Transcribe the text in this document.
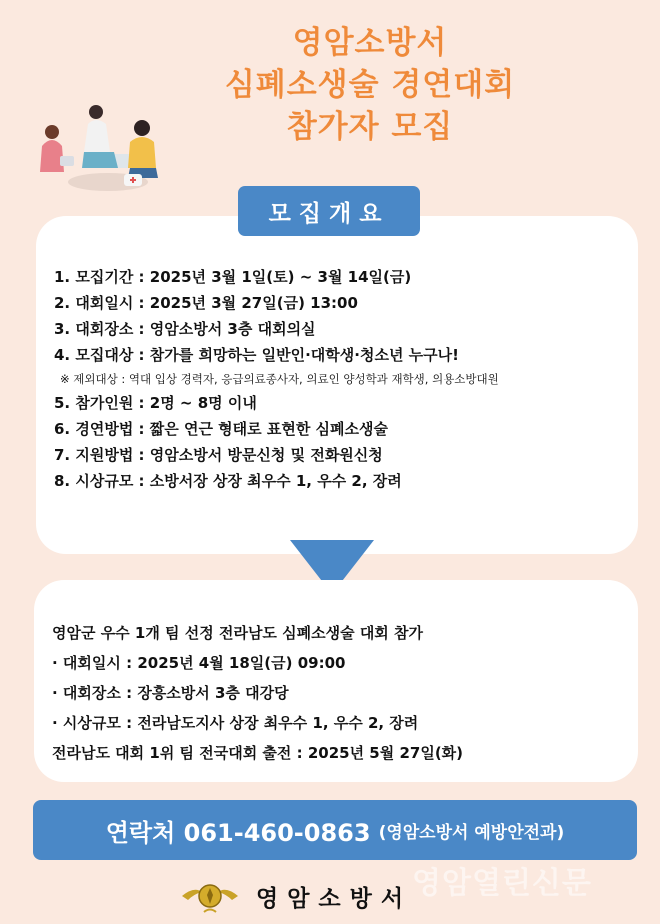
영암소방서
심폐소생술 경연대회
참가자 모집
1. 모집기간 : 2025년 3월 1일(토) ~ 3월 14일(금)
2. 대회일시 : 2025년 3월 27일(금) 13:00
3. 대회장소 : 영암소방서 3층 대회의실
4. 모집대상 : 참가를 희망하는 일반인·대학생·청소년 누구나!
※ 제외대상 : 역대 입상 경력자, 응급의료종사자, 의료인 양성학과 재학생, 의용소방대원
5. 참가인원 : 2명 ~ 8명 이내
6. 경연방법 : 짧은 연근 형태로 표현한 심폐소생술
7. 지원방법 : 영암소방서 방문신청 및 전화원신청
8. 시상규모 : 소방서장 상장 최우수 1, 우수 2, 장려
모집개요
영암군 우수 1개 팀 선정 전라남도 심폐소생술 대회 참가
· 대회일시 : 2025년 4월 18일(금) 09:00
· 대회장소 : 장흥소방서 3층 대강당
· 시상규모 : 전라남도지사 상장 최우수 1, 우수 2, 장려
전라남도 대회 1위 팀 전국대회 출전 : 2025년 5월 27일(화)
연락처 061-460-0863 (영암소방서 예방안전과)
영암소방서 영암열린신문
